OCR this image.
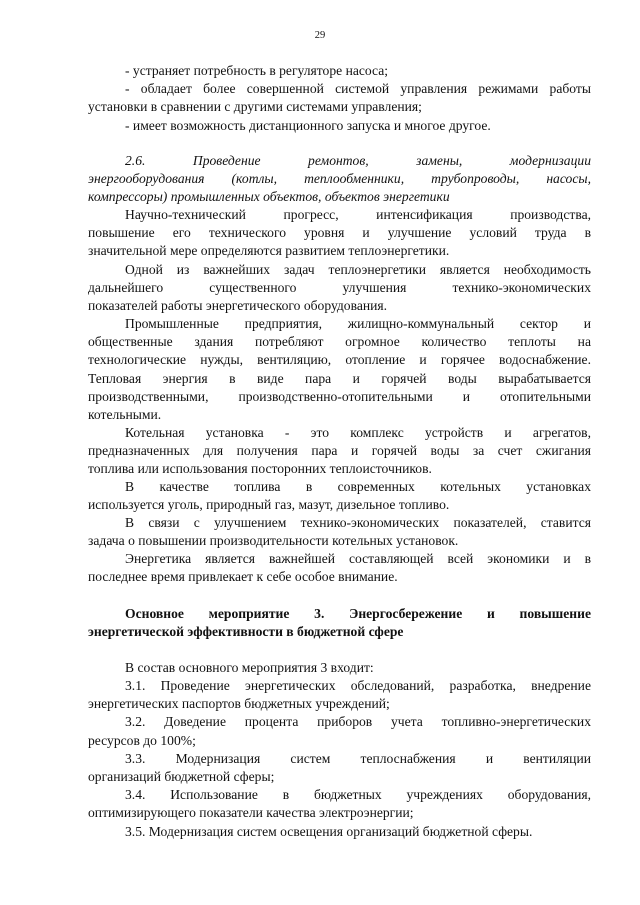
29
- устраняет потребность в регуляторе насоса;
- обладает более совершенной системой управления режимами работы
установки в сравнении с другими системами управления;
- имеет возможность дистанционного запуска и многое другое.
2.6. Проведение ремонтов, замены, модернизации
энергооборудования (котлы, теплообменники, трубопроводы, насосы,
компрессоры) промышленных объектов, объектов энергетики
Научно-технический прогресс, интенсификация производства,
повышение его технического уровня и улучшение условий труда в
значительной мере определяются развитием теплоэнергетики.
Одной из важнейших задач теплоэнергетики является необходимость
дальнейшего существенного улучшения технико-экономических
показателей работы энергетического оборудования.
Промышленные предприятия, жилищно-коммунальный сектор и
общественные здания потребляют огромное количество теплоты на
технологические нужды, вентиляцию, отопление и горячее водоснабжение.
Тепловая энергия в виде пара и горячей воды вырабатывается
производственными, производственно-отопительными и отопительными
котельными.
Котельная установка - это комплекс устройств и агрегатов,
предназначенных для получения пара и горячей воды за счет сжигания
топлива или использования посторонних теплоисточников.
В качестве топлива в современных котельных установках
используется уголь, природный газ, мазут, дизельное топливо.
В связи с улучшением технико-экономических показателей, ставится
задача о повышении производительности котельных установок.
Энергетика является важнейшей составляющей всей экономики и в
последнее время привлекает к себе особое внимание.
Основное мероприятие 3. Энергосбережение и повышение
энергетической эффективности в бюджетной сфере
В состав основного мероприятия 3 входит:
3.1. Проведение энергетических обследований, разработка, внедрение
энергетических паспортов бюджетных учреждений;
3.2. Доведение процента приборов учета топливно-энергетических
ресурсов до 100%;
3.3. Модернизация систем теплоснабжения и вентиляции
организаций бюджетной сферы;
3.4. Использование в бюджетных учреждениях оборудования,
оптимизирующего показатели качества электроэнергии;
3.5. Модернизация систем освещения организаций бюджетной сферы.
